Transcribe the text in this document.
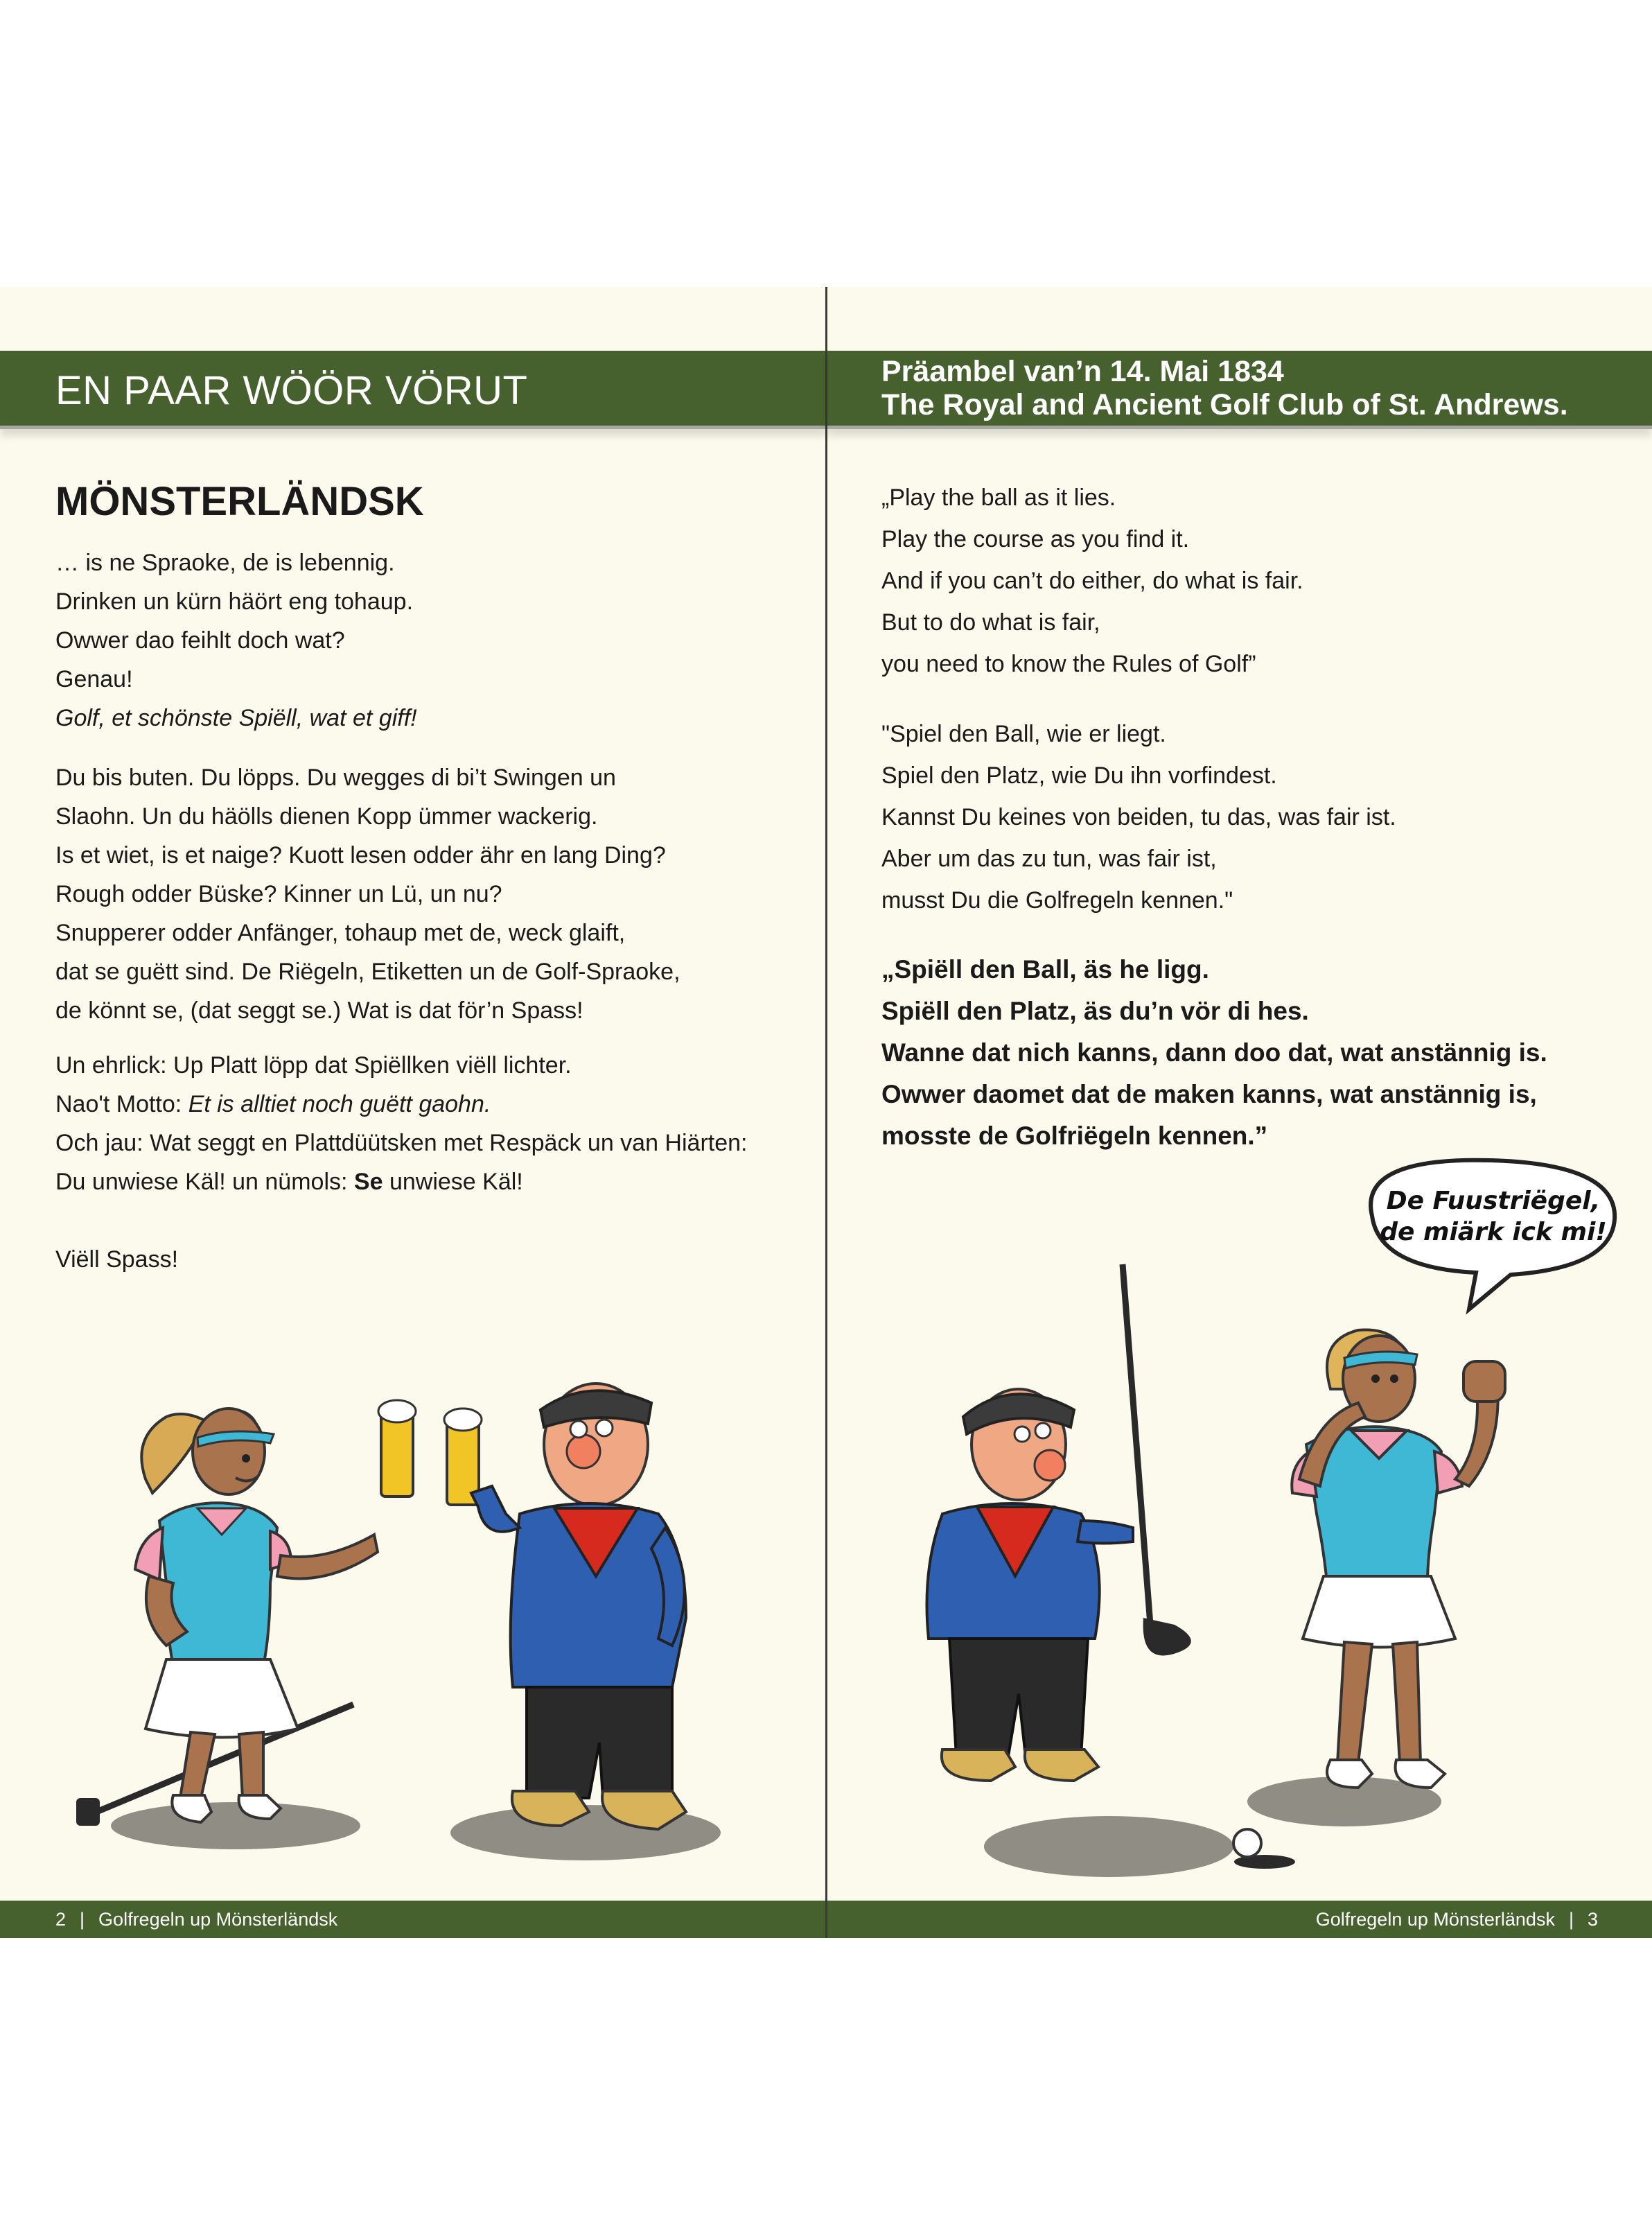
EN PAAR WÖÖR VÖRUT
MÖNSTERLÄNDSK

… is ne Spraoke, de is lebennig.

Drinken un kürn häört eng tohaup.

Owwer dao feihlt doch wat?

Genau!

Golf, et schönste Spiëll, wat et giff!

Du bis buten. Du löpps. Du wegges di bi’t Swingen un

Slaohn. Un du häölls dienen Kopp ümmer wackerig.

Is et wiet, is et naige? Kuott lesen odder ähr en lang Ding?

Rough odder Büske? Kinner un Lü, un nu?

Snupperer odder Anfänger, tohaup met de, weck glaift,

dat se guëtt sind. De Riëgeln, Etiketten un de Golf-Spraoke,

de könnt se, (dat seggt se.) Wat is dat för’n Spass!

Un ehrlick: Up Platt löpp dat Spiëllken viëll lichter.

Nao't Motto: Et is alltiet noch guëtt gaohn.

Och jau: Wat seggt en Plattdüütsken met Respäck un van Hiärten:

Du unwiese Käl! un nümols: Se unwiese Käl!

Viëll Spass!

2 | Golfregeln up Mönsterländsk
Präambel van’n 14. Mai 1834
The Royal and Ancient Golf Club of St. Andrews.

„Play the ball as it lies.

Play the course as you find it.

And if you can’t do either, do what is fair.

But to do what is fair,

you need to know the Rules of Golf”

"Spiel den Ball, wie er liegt.

Spiel den Platz, wie Du ihn vorfindest.

Kannst Du keines von beiden, tu das, was fair ist.

Aber um das zu tun, was fair ist,

musst Du die Golfregeln kennen."

„Spiëll den Ball, äs he ligg.

Spiëll den Platz, äs du’n vör di hes.

Wanne dat nich kanns, dann doo dat, wat anstännig is.

Owwer daomet dat de maken kanns, wat anstännig is,

mosste de Golfriëgeln kennen.”

De Fuustriëgel,
de miärk ick mi!
Golfregeln up Mönsterländsk | 3
